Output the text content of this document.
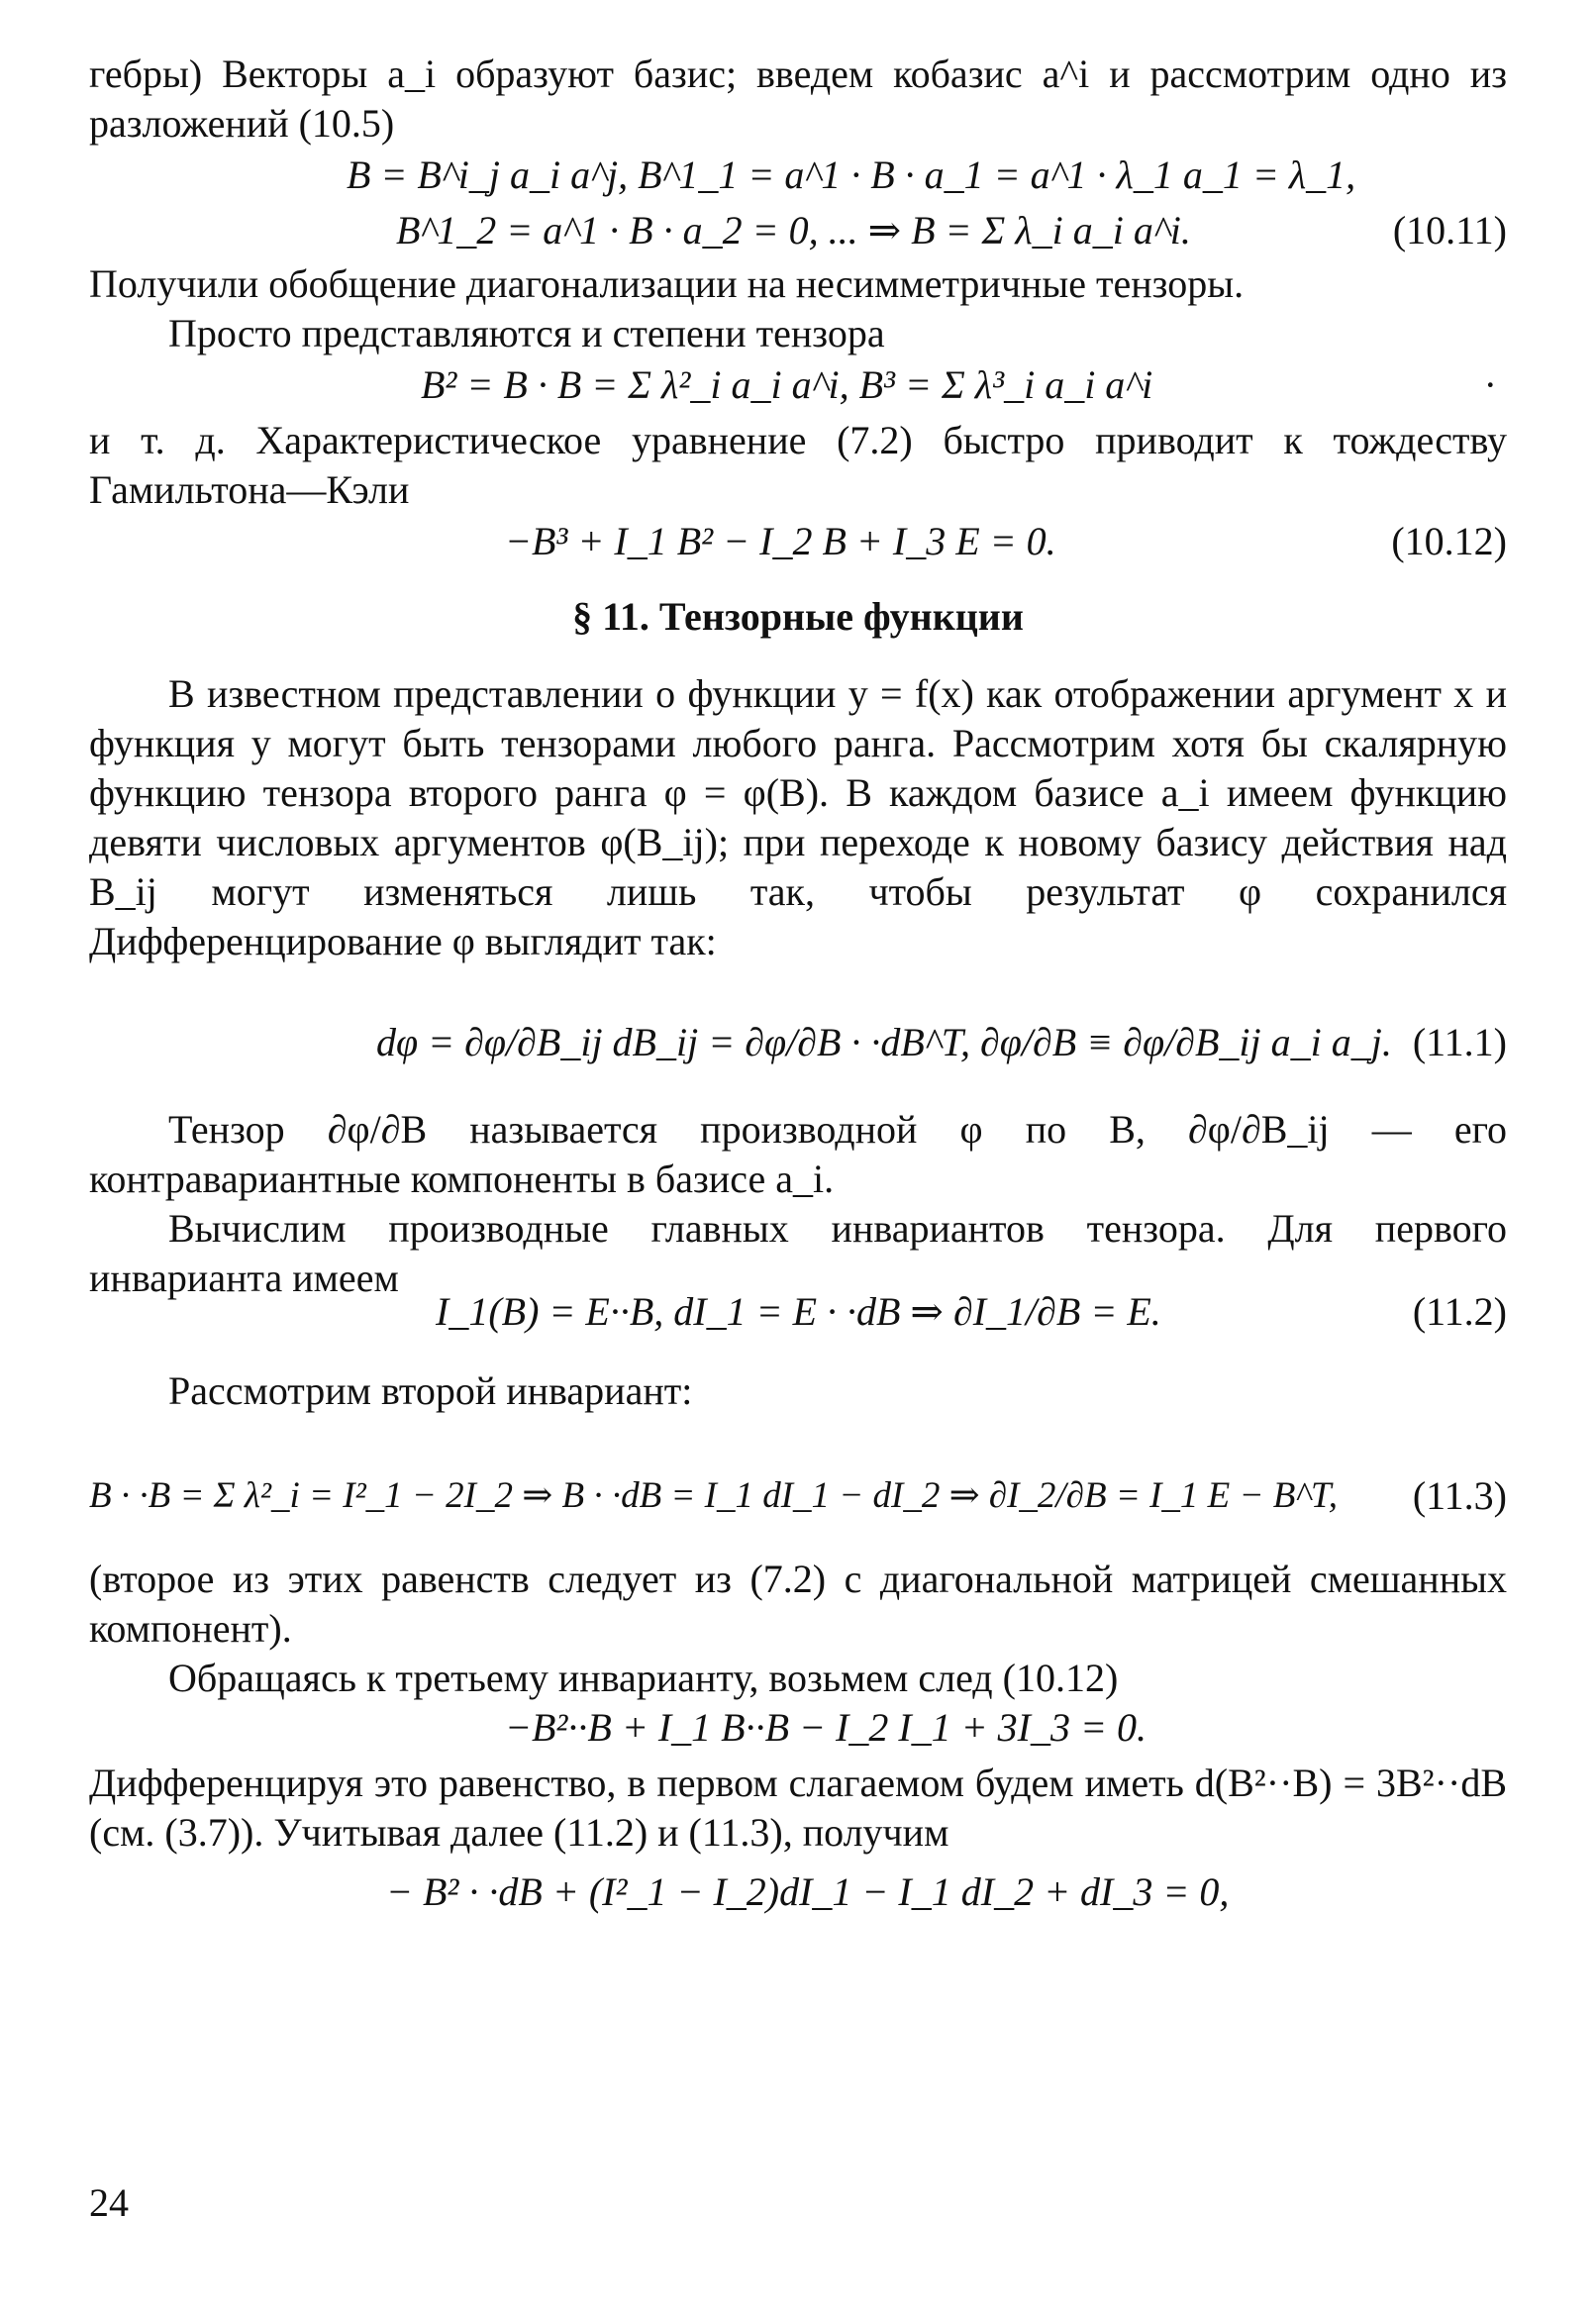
гебры) Векторы a_i образуют базис; введем кобазис a^i и рассмотрим одно из разложений (10.5)

B = B^i_j a_i a^j, B^1_1 = a^1 · B · a_1 = a^1 · λ_1 a_1 = λ_1,
B^1_2 = a^1 · B · a_2 = 0, ... ⇒ B = Σ λ_i a_i a^i.	(10.11)

Получили обобщение диагонализации на несимметричные тензоры.

Просто представляются и степени тензора

B² = B · B = Σ λ²_i a_i a^i, B³ = Σ λ³_i a_i a^i	·

и т. д. Характеристическое уравнение (7.2) быстро приводит к тождеству Гамильтона—Кэли

−B³ + I_1 B² − I_2 B + I_3 E = 0.	(10.12)
§ 11. Тензорные функции

В известном представлении о функции y = f(x) как отображении аргумент x и функция y могут быть тензорами любого ранга. Рассмотрим хотя бы скалярную функцию тензора второго ранга φ = φ(B). В каждом базисе a_i имеем функцию девяти числовых аргументов φ(B_ij); при переходе к новому базису действия над B_ij могут изменяться лишь так, чтобы результат φ сохранился Дифференцирование φ выглядит так:

dφ = ∂φ/∂B_ij dB_ij = ∂φ/∂B · ·dB^T, ∂φ/∂B ≡ ∂φ/∂B_ij a_i a_j. (11.1)

Тензор ∂φ/∂B называется производной φ по B, ∂φ/∂B_ij — его контравариантные компоненты в базисе a_i.

Вычислим производные главных инвариантов тензора. Для первого инварианта имеем

I_1(B) = E··B, dI_1 = E · ·dB ⇒ ∂I_1/∂B = E.	(11.2)

Рассмотрим второй инвариант:

B · ·B = Σ λ²_i = I²_1 − 2I_2 ⇒ B · ·dB = I_1 dI_1 − dI_2 ⇒ ∂I_2/∂B = I_1 E − B^T, (11.3)

(второе из этих равенств следует из (7.2) с диагональной матрицей смешанных компонент).

Обращаясь к третьему инварианту, возьмем след (10.12)

−B²··B + I_1 B··B − I_2 I_1 + 3I_3 = 0.

Дифференцируя это равенство, в первом слагаемом будем иметь d(B²··B) = 3B²··dB (см. (3.7)). Учитывая далее (11.2) и (11.3), получим

− B² · ·dB + (I²_1 − I_2)dI_1 − I_1 dI_2 + dI_3 = 0,
24
